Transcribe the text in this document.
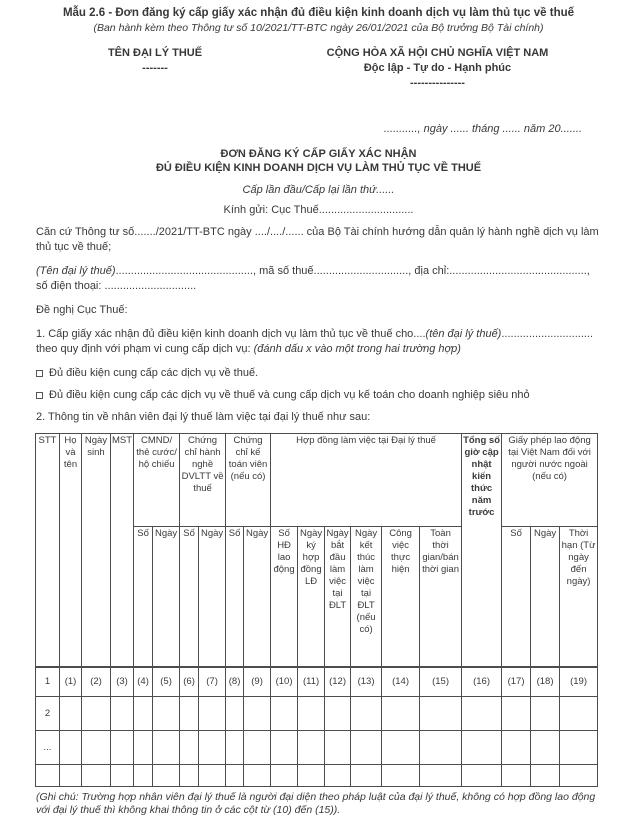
Mẫu 2.6 - Đơn đăng ký cấp giấy xác nhận đủ điều kiện kinh doanh dịch vụ làm thủ tục về thuế
(Ban hành kèm theo Thông tư số 10/2021/TT-BTC ngày 26/01/2021 của Bộ trưởng Bộ Tài chính)
TÊN ĐẠI LÝ THUẾ
-------
CỘNG HÒA XÃ HỘI CHỦ NGHĨA VIỆT NAM
Độc lập - Tự do - Hạnh phúc
---------------
..........., ngày ...... tháng ...... năm 20.......
ĐƠN ĐĂNG KÝ CẤP GIẤY XÁC NHẬN
ĐỦ ĐIỀU KIỆN KINH DOANH DỊCH VỤ LÀM THỦ TỤC VỀ THUẾ
Cấp lần đầu/Cấp lại lần thứ......
Kính gửi: Cục Thuế...............................
Căn cứ Thông tư số......./2021/TT-BTC ngày ..../..../...... của Bộ Tài chính hướng dẫn quản lý hành nghề dịch vụ làm thủ tục về thuế;
(Tên đại lý thuế)............................................., mã số thuế..............................., địa chỉ:............................................., số điện thoại: ..............................
Đề nghị Cục Thuế:
1. Cấp giấy xác nhận đủ điều kiện kinh doanh dịch vụ làm thủ tục về thuế cho....(tên đại lý thuế).............................. theo quy định với phạm vi cung cấp dịch vụ: (đánh dấu x vào một trong hai trường hợp)
Đủ điều kiện cung cấp các dịch vụ về thuế.
Đủ điều kiện cung cấp các dịch vụ về thuế và cung cấp dịch vụ kế toán cho doanh nghiệp siêu nhỏ
2. Thông tin về nhân viên đại lý thuế làm việc tại đại lý thuế như sau:
STT	Họ và tên	Ngày sinh	MST	CMND/ thẻ cước/ hộ chiếu		Chứng chỉ hành nghề DVLTT về thuế		Chứng chỉ kế toán viên (nếu có)		Hợp đồng làm việc tại Đại lý thuế						Tổng số giờ cập nhật kiến thức năm trước	Giấy phép lao động tại Việt Nam đối với người nước ngoài (nếu có)		
				Số	Ngày	Số	Ngày	Số	Ngày	Số HĐ lao động	Ngày ký hợp đồng LĐ	Ngày bắt đầu làm việc tại ĐLT	Ngày kết thúc làm việc tại ĐLT (nếu có)	Công việc thực hiện	Toàn thời gian/bán thời gian		Số	Ngày	Thời hạn (Từ ngày đến ngày)
1	(1)	(2)	(3)	(4)	(5)	(6)	(7)	(8)	(9)	(10)	(11)	(12)	(13)	(14)	(15)	(16)	(17)	(18)	(19)
2																			
...																			

(Ghi chú: Trường hợp nhân viên đại lý thuế là người đại diện theo pháp luật của đại lý thuế, không có hợp đồng lao động với đại lý thuế thì không khai thông tin ở các cột từ (10) đến (15)).
